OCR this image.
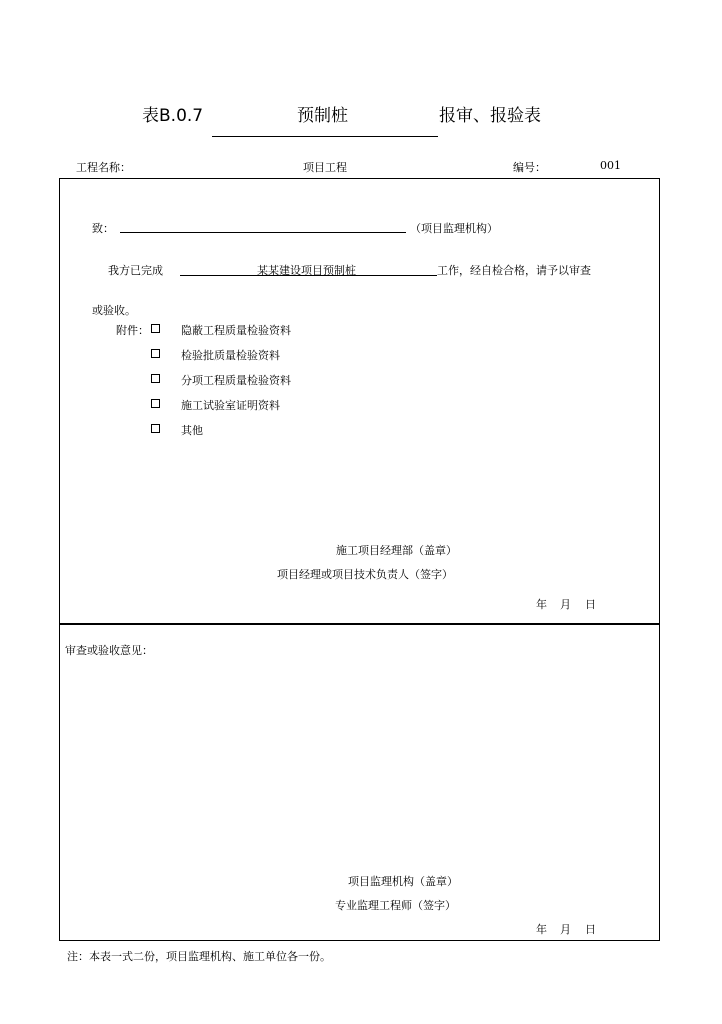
表B.0.7	预制桩	报审、报验表
工程名称：	项目工程	编号：	001
致：	（项目监理机构）
我方已完成	某某建设项目预制桩	工作，经自检合格，请予以审查
或验收。
附件：	隐蔽工程质量检验资料
检验批质量检验资料
分项工程质量检验资料
施工试验室证明资料
其他
施工项目经理部（盖章）
项目经理或项目技术负责人（签字）
年 月 日
审查或验收意见：
项目监理机构（盖章）
专业监理工程师（签字）
年 月 日
注：本表一式二份，项目监理机构、施工单位各一份。
